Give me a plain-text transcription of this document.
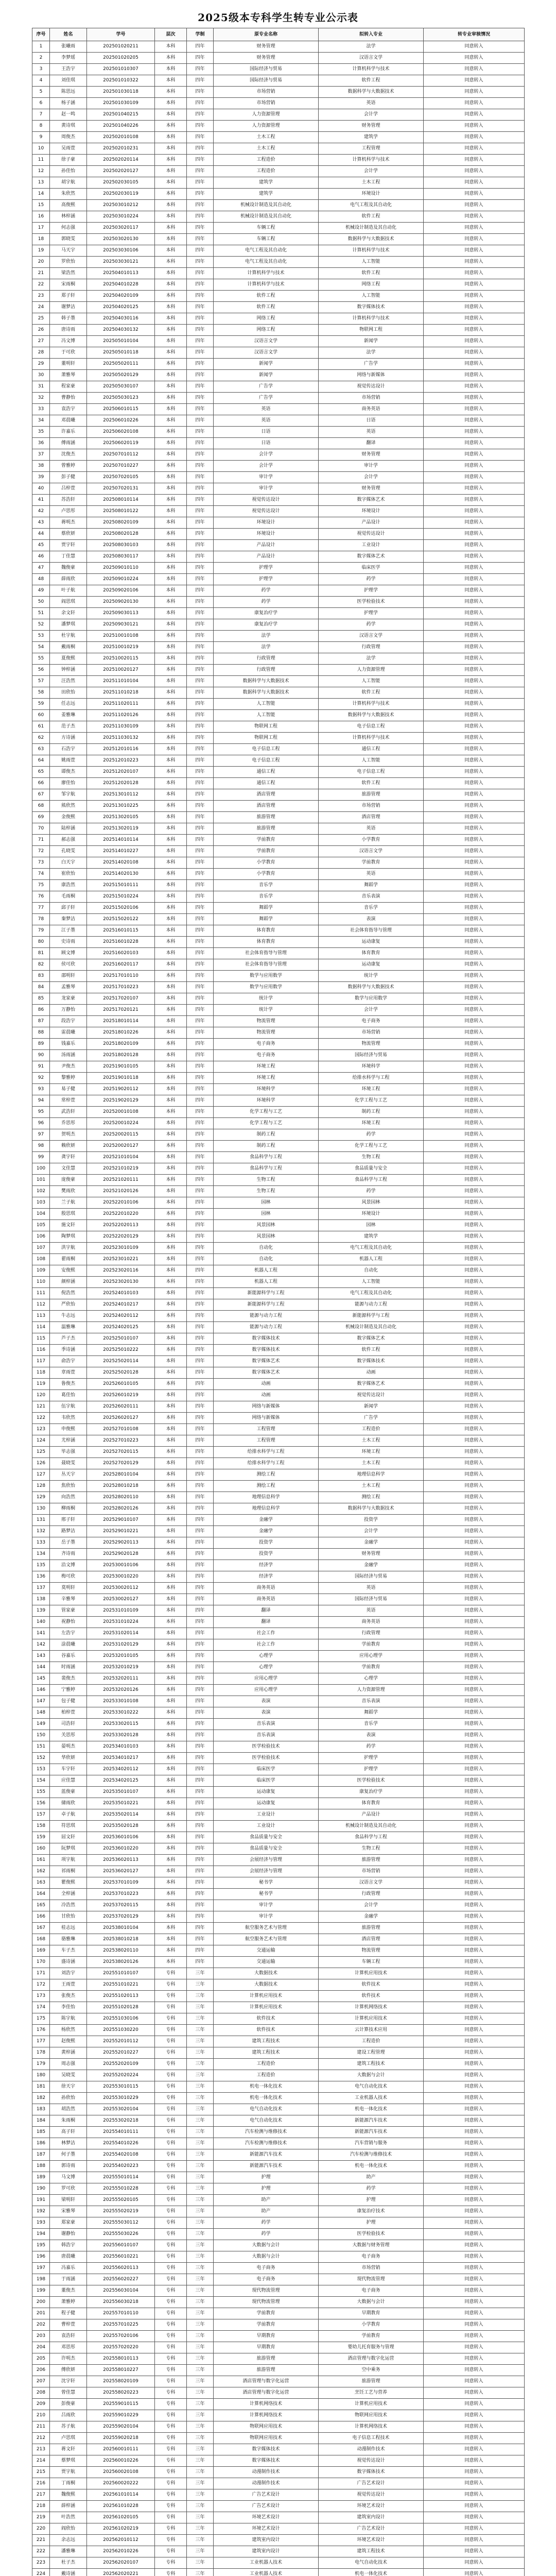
2025级本专科学生转专业公示表
序号	姓名	学号	层次	学制	原专业名称	拟转入专业	转专业审核情况
1	张曦雨	202501020211	本科	四年	财务管理	法学	同意转入
2	李梦瑶	202501020205	本科	四年	财务管理	汉语言文学	同意转入
3	王浩宇	202501010307	本科	四年	国际经济与贸易	计算机科学与技术	同意转入
4	刘佳琪	202501010322	本科	四年	国际经济与贸易	软件工程	同意转入
5	陈思远	202501030118	本科	四年	市场营销	数据科学与大数据技术	同意转入
6	杨子涵	202501030109	本科	四年	市场营销	英语	同意转入
7	赵一鸣	202501040215	本科	四年	人力资源管理	会计学	同意转入
8	黄诗琪	202501040226	本科	四年	人力资源管理	财务管理	同意转入
9	周俊杰	202502010108	本科	四年	土木工程	建筑学	同意转入
10	吴雨萱	202502010231	本科	四年	土木工程	工程管理	同意转入
11	徐子豪	202502020114	本科	四年	工程造价	计算机科学与技术	同意转入
12	孙佳怡	202502020127	本科	四年	工程造价	会计学	同意转入
13	胡宇航	202502030105	本科	四年	建筑学	土木工程	同意转入
14	朱欣然	202502030119	本科	四年	建筑学	环境设计	同意转入
15	高俊熙	202503010212	本科	四年	机械设计制造及其自动化	电气工程及其自动化	同意转入
16	林梓涵	202503010224	本科	四年	机械设计制造及其自动化	软件工程	同意转入
17	何志强	202503020117	本科	四年	车辆工程	机械设计制造及其自动化	同意转入
18	郭晓雯	202503020130	本科	四年	车辆工程	数据科学与大数据技术	同意转入
19	马天宇	202503030106	本科	四年	电气工程及其自动化	计算机科学与技术	同意转入
20	罗欣怡	202503030121	本科	四年	电气工程及其自动化	人工智能	同意转入
21	梁浩然	202504010113	本科	四年	计算机科学与技术	软件工程	同意转入
22	宋雨桐	202504010228	本科	四年	计算机科学与技术	网络工程	同意转入
23	郑子轩	202504020109	本科	四年	软件工程	人工智能	同意转入
24	谢梦洁	202504020125	本科	四年	软件工程	数字媒体技术	同意转入
25	韩子墨	202504030116	本科	四年	网络工程	计算机科学与技术	同意转入
26	唐诗雨	202504030132	本科	四年	网络工程	物联网工程	同意转入
27	冯文博	202505010104	本科	四年	汉语言文学	新闻学	同意转入
28	于可欣	202505010118	本科	四年	汉语言文学	法学	同意转入
29	董明轩	202505020111	本科	四年	新闻学	广告学	同意转入
30	萧雅琴	202505020129	本科	四年	新闻学	网络与新媒体	同意转入
31	程家豪	202505030107	本科	四年	广告学	视觉传达设计	同意转入
32	曹静怡	202505030123	本科	四年	广告学	市场营销	同意转入
33	袁浩宇	202506010115	本科	四年	英语	商务英语	同意转入
34	邓晨曦	202506010226	本科	四年	英语	日语	同意转入
35	许嘉乐	202506020108	本科	四年	日语	英语	同意转入
36	傅雨涵	202506020119	本科	四年	日语	翻译	同意转入
37	沈俊杰	202507010112	本科	四年	会计学	财务管理	同意转入
38	曾雅婷	202507010227	本科	四年	会计学	审计学	同意转入
39	彭子健	202507020105	本科	四年	审计学	会计学	同意转入
40	吕梓萱	202507020131	本科	四年	审计学	财务管理	同意转入
41	苏浩轩	202508010114	本科	四年	视觉传达设计	数字媒体艺术	同意转入
42	卢思彤	202508010122	本科	四年	视觉传达设计	环境设计	同意转入
43	蒋明杰	202508020109	本科	四年	环境设计	产品设计	同意转入
44	蔡欣妍	202508020128	本科	四年	环境设计	视觉传达设计	同意转入
45	贾宇轩	202508030103	本科	四年	产品设计	工业设计	同意转入
46	丁佳慧	202508030117	本科	四年	产品设计	数字媒体艺术	同意转入
47	魏俊豪	202509010110	本科	四年	护理学	临床医学	同意转入
48	薛雨欣	202509010224	本科	四年	护理学	药学	同意转入
49	叶子航	202509020106	本科	四年	药学	护理学	同意转入
50	阎思琪	202509020130	本科	四年	药学	医学检验技术	同意转入
51	余文轩	202509030113	本科	四年	康复治疗学	护理学	同意转入
52	潘梦琪	202509030121	本科	四年	康复治疗学	药学	同意转入
53	杜宇航	202510010108	本科	四年	法学	汉语言文学	同意转入
54	戴雨桐	202510010219	本科	四年	法学	行政管理	同意转入
55	夏俊熙	202510020115	本科	四年	行政管理	法学	同意转入
56	钟梓涵	202510020127	本科	四年	行政管理	人力资源管理	同意转入
57	汪浩然	202511010104	本科	四年	数据科学与大数据技术	人工智能	同意转入
58	田欣怡	202511010218	本科	四年	数据科学与大数据技术	软件工程	同意转入
59	任志远	202511020111	本科	四年	人工智能	计算机科学与技术	同意转入
60	姜雅琳	202511020126	本科	四年	人工智能	数据科学与大数据技术	同意转入
61	范子杰	202511030109	本科	四年	物联网工程	电子信息工程	同意转入
62	方诗涵	202511030132	本科	四年	物联网工程	计算机科学与技术	同意转入
63	石浩宇	202512010116	本科	四年	电子信息工程	通信工程	同意转入
64	姚雨萱	202512010223	本科	四年	电子信息工程	人工智能	同意转入
65	谭俊杰	202512020107	本科	四年	通信工程	电子信息工程	同意转入
66	廖佳怡	202512020128	本科	四年	通信工程	软件工程	同意转入
67	邹宇航	202513010112	本科	四年	酒店管理	旅游管理	同意转入
68	熊欣然	202513010225	本科	四年	酒店管理	市场营销	同意转入
69	金俊熙	202513020105	本科	四年	旅游管理	酒店管理	同意转入
70	陆梓涵	202513020119	本科	四年	旅游管理	英语	同意转入
71	郝志强	202514010114	本科	四年	学前教育	小学教育	同意转入
72	孔晓雯	202514010227	本科	四年	学前教育	汉语言文学	同意转入
73	白天宇	202514020108	本科	四年	小学教育	学前教育	同意转入
74	崔欣怡	202514020130	本科	四年	小学教育	英语	同意转入
75	康浩然	202515010111	本科	四年	音乐学	舞蹈学	同意转入
76	毛雨桐	202515010224	本科	四年	音乐学	音乐表演	同意转入
77	邱子轩	202515020106	本科	四年	舞蹈学	音乐学	同意转入
78	秦梦洁	202515020122	本科	四年	舞蹈学	表演	同意转入
79	江子墨	202516010115	本科	四年	体育教育	社会体育指导与管理	同意转入
80	史诗雨	202516010228	本科	四年	体育教育	运动康复	同意转入
81	顾文博	202516020103	本科	四年	社会体育指导与管理	体育教育	同意转入
82	侯可欣	202516020117	本科	四年	社会体育指导与管理	运动康复	同意转入
83	邵明轩	202517010110	本科	四年	数学与应用数学	统计学	同意转入
84	孟雅琴	202517010223	本科	四年	数学与应用数学	数据科学与大数据技术	同意转入
85	龙家豪	202517020107	本科	四年	统计学	数学与应用数学	同意转入
86	万静怡	202517020121	本科	四年	统计学	会计学	同意转入
87	段浩宇	202518010114	本科	四年	物流管理	电子商务	同意转入
88	雷晨曦	202518010226	本科	四年	物流管理	市场营销	同意转入
89	钱嘉乐	202518020109	本科	四年	电子商务	物流管理	同意转入
90	汤雨涵	202518020128	本科	四年	电子商务	国际经济与贸易	同意转入
91	尹俊杰	202519010105	本科	四年	环境工程	环境科学	同意转入
92	黎雅婷	202519010118	本科	四年	环境工程	给排水科学与工程	同意转入
93	易子健	202519020112	本科	四年	环境科学	环境工程	同意转入
94	常梓萱	202519020129	本科	四年	环境科学	化学工程与工艺	同意转入
95	武浩轩	202520010108	本科	四年	化学工程与工艺	制药工程	同意转入
96	乔思彤	202520010224	本科	四年	化学工程与工艺	环境工程	同意转入
97	贺明杰	202520020115	本科	四年	制药工程	药学	同意转入
98	赖欣妍	202520020127	本科	四年	制药工程	化学工程与工艺	同意转入
99	龚宇轩	202521010104	本科	四年	食品科学与工程	生物工程	同意转入
100	文佳慧	202521010219	本科	四年	食品科学与工程	食品质量与安全	同意转入
101	庞俊豪	202521020111	本科	四年	生物工程	食品科学与工程	同意转入
102	樊雨欣	202521020126	本科	四年	生物工程	药学	同意转入
103	兰子航	202522010106	本科	四年	园林	风景园林	同意转入
104	殷思琪	202522010220	本科	四年	园林	环境设计	同意转入
105	施文轩	202522020113	本科	四年	风景园林	园林	同意转入
106	陶梦琪	202522020129	本科	四年	风景园林	建筑学	同意转入
107	洪宇航	202523010109	本科	四年	自动化	电气工程及其自动化	同意转入
108	翟雨桐	202523010221	本科	四年	自动化	机器人工程	同意转入
109	安俊熙	202523020116	本科	四年	机器人工程	自动化	同意转入
110	颜梓涵	202523020130	本科	四年	机器人工程	人工智能	同意转入
111	倪浩然	202524010103	本科	四年	新能源科学与工程	电气工程及其自动化	同意转入
112	严欣怡	202524010217	本科	四年	新能源科学与工程	能源与动力工程	同意转入
113	牛志远	202524020112	本科	四年	能源与动力工程	新能源科学与工程	同意转入
114	温雅琳	202524020125	本科	四年	能源与动力工程	机械设计制造及其自动化	同意转入
115	芦子杰	202525010107	本科	四年	数字媒体技术	数字媒体艺术	同意转入
116	季诗涵	202525010222	本科	四年	数字媒体技术	软件工程	同意转入
117	俞浩宇	202525020114	本科	四年	数字媒体艺术	数字媒体技术	同意转入
118	章雨萱	202525020128	本科	四年	数字媒体艺术	动画	同意转入
119	鲁俊杰	202526010105	本科	四年	动画	数字媒体艺术	同意转入
120	葛佳怡	202526010219	本科	四年	动画	视觉传达设计	同意转入
121	伍宇航	202526020111	本科	四年	网络与新媒体	新闻学	同意转入
122	韦欣然	202526020127	本科	四年	网络与新媒体	广告学	同意转入
123	申俊熙	202527010108	本科	四年	工程管理	工程造价	同意转入
124	尤梓涵	202527010223	本科	四年	工程管理	土木工程	同意转入
125	毕志强	202527020115	本科	四年	给排水科学与工程	环境工程	同意转入
126	聂晓雯	202527020129	本科	四年	给排水科学与工程	土木工程	同意转入
127	丛天宇	202528010104	本科	四年	测绘工程	地理信息科学	同意转入
128	焦欣怡	202528010218	本科	四年	测绘工程	土木工程	同意转入
129	向浩然	202528020110	本科	四年	地理信息科学	测绘工程	同意转入
130	柳雨桐	202528020126	本科	四年	地理信息科学	数据科学与大数据技术	同意转入
131	邢子轩	202529010107	本科	四年	金融学	投资学	同意转入
132	路梦洁	202529010221	本科	四年	金融学	会计学	同意转入
133	岳子墨	202529020113	本科	四年	投资学	金融学	同意转入
134	齐诗雨	202529020128	本科	四年	投资学	财务管理	同意转入
135	沿文博	202530010106	本科	四年	经济学	金融学	同意转入
136	梅可欣	202530010220	本科	四年	经济学	国际经济与贸易	同意转入
137	莫明轩	202530020112	本科	四年	商务英语	英语	同意转入
138	辛雅琴	202530020127	本科	四年	商务英语	国际经济与贸易	同意转入
139	管家豪	202531010109	本科	四年	翻译	英语	同意转入
140	祝静怡	202531010224	本科	四年	翻译	商务英语	同意转入
141	左浩宇	202531020114	本科	四年	社会工作	行政管理	同意转入
142	涂晨曦	202531020129	本科	四年	社会工作	学前教育	同意转入
143	谷嘉乐	202532010105	本科	四年	心理学	应用心理学	同意转入
144	时雨涵	202532010219	本科	四年	心理学	学前教育	同意转入
145	裴俊杰	202532020111	本科	四年	应用心理学	心理学	同意转入
146	宁雅婷	202532020126	本科	四年	应用心理学	人力资源管理	同意转入
147	包子健	202533010108	本科	四年	表演	音乐表演	同意转入
148	柏梓萱	202533010222	本科	四年	表演	舞蹈学	同意转入
149	司浩轩	202533020115	本科	四年	音乐表演	音乐学	同意转入
150	关思彤	202533020128	本科	四年	音乐表演	表演	同意转入
151	晏明杰	202534010103	本科	四年	医学检验技术	药学	同意转入
152	华欣妍	202534010217	本科	四年	医学检验技术	护理学	同意转入
153	车宇轩	202534020112	本科	四年	临床医学	护理学	同意转入
154	应佳慧	202534020125	本科	四年	临床医学	医学检验技术	同意转入
155	蓝俊豪	202535010107	本科	四年	运动康复	康复治疗学	同意转入
156	储雨欣	202535010221	本科	四年	运动康复	体育教育	同意转入
157	卓子航	202535020114	本科	四年	工业设计	产品设计	同意转入
158	符思琪	202535020128	本科	四年	工业设计	机械设计制造及其自动化	同意转入
159	屈文轩	202536010106	本科	四年	食品质量与安全	食品科学与工程	同意转入
160	阮梦琪	202536010220	本科	四年	食品质量与安全	生物工程	同意转入
161	项宇航	202536020113	本科	四年	会展经济与管理	旅游管理	同意转入
162	祁雨桐	202536020127	本科	四年	会展经济与管理	市场营销	同意转入
163	瞿俊熙	202537010109	本科	四年	秘书学	汉语言文学	同意转入
164	全梓涵	202537010223	本科	四年	秘书学	行政管理	同意转入
165	冷浩然	202537020115	本科	四年	审计学	会计学	同意转入
166	甘欣怡	202537020129	本科	四年	审计学	金融学	同意转入
167	桂志远	202538010104	本科	四年	航空服务艺术与管理	旅游管理	同意转入
168	骆雅琳	202538010218	本科	四年	航空服务艺术与管理	酒店管理	同意转入
169	车子杰	202538020110	本科	四年	交通运输	物流管理	同意转入
170	盛诗涵	202538020126	本科	四年	交通运输	车辆工程	同意转入
171	刘浩宇	202551010107	专科	三年	大数据技术	计算机应用技术	同意转入
172	王雨萱	202551010221	专科	三年	大数据技术	软件技术	同意转入
173	张俊杰	202551020113	专科	三年	计算机应用技术	软件技术	同意转入
174	李佳怡	202551020128	专科	三年	计算机应用技术	计算机网络技术	同意转入
175	陈宇航	202551030106	专科	三年	软件技术	计算机应用技术	同意转入
176	杨欣然	202551030220	专科	三年	软件技术	云计算技术应用	同意转入
177	赵俊熙	202552010112	专科	三年	建筑工程技术	工程造价	同意转入
178	黄梓涵	202552010227	专科	三年	建筑工程技术	建设工程管理	同意转入
179	周志强	202552020109	专科	三年	工程造价	建筑工程技术	同意转入
180	吴晓雯	202552020224	专科	三年	工程造价	大数据与会计	同意转入
181	徐天宇	202553010115	专科	三年	机电一体化技术	电气自动化技术	同意转入
182	孙欣怡	202553010229	专科	三年	机电一体化技术	工业机器人技术	同意转入
183	胡浩然	202553020104	专科	三年	电气自动化技术	机电一体化技术	同意转入
184	朱雨桐	202553020218	专科	三年	电气自动化技术	新能源汽车技术	同意转入
185	高子轩	202554010111	专科	三年	汽车检测与维修技术	新能源汽车技术	同意转入
186	林梦洁	202554010226	专科	三年	汽车检测与维修技术	汽车营销与服务	同意转入
187	何子墨	202554020108	专科	三年	新能源汽车技术	汽车检测与维修技术	同意转入
188	郭诗雨	202554020223	专科	三年	新能源汽车技术	机电一体化技术	同意转入
189	马文博	202555010114	专科	三年	护理	助产	同意转入
190	罗可欣	202555010228	专科	三年	护理	药学	同意转入
191	梁明轩	202555020105	专科	三年	助产	护理	同意转入
192	宋雅琴	202555020219	专科	三年	助产	康复治疗技术	同意转入
193	郑家豪	202555030112	专科	三年	药学	护理	同意转入
194	谢静怡	202555030226	专科	三年	药学	医学检验技术	同意转入
195	韩浩宇	202556010107	专科	三年	大数据与会计	大数据与财务管理	同意转入
196	唐晨曦	202556010221	专科	三年	大数据与会计	电子商务	同意转入
197	冯嘉乐	202556020113	专科	三年	电子商务	市场营销	同意转入
198	于雨涵	202556020227	专科	三年	电子商务	现代物流管理	同意转入
199	董俊杰	202556030104	专科	三年	现代物流管理	电子商务	同意转入
200	萧雅婷	202556030218	专科	三年	现代物流管理	大数据与会计	同意转入
201	程子健	202557010110	专科	三年	学前教育	早期教育	同意转入
202	曹梓萱	202557010225	专科	三年	学前教育	小学教育	同意转入
203	袁浩轩	202557020106	专科	三年	早期教育	学前教育	同意转入
204	邓思彤	202557020220	专科	三年	早期教育	婴幼儿托育服务与管理	同意转入
205	许明杰	202558010113	专科	三年	旅游管理	酒店管理与数字化运营	同意转入
206	傅欣妍	202558010227	专科	三年	旅游管理	空中乘务	同意转入
207	沈宇轩	202558020109	专科	三年	酒店管理与数字化运营	旅游管理	同意转入
208	曾佳慧	202558020223	专科	三年	酒店管理与数字化运营	烹饪工艺与营养	同意转入
209	彭俊豪	202559010115	专科	三年	计算机网络技术	计算机应用技术	同意转入
210	吕雨欣	202559010229	专科	三年	计算机网络技术	物联网应用技术	同意转入
211	苏子航	202559020104	专科	三年	物联网应用技术	计算机网络技术	同意转入
212	卢思琪	202559020218	专科	三年	物联网应用技术	电子信息工程技术	同意转入
213	蒋文轩	202560010111	专科	三年	数字媒体技术	动漫制作技术	同意转入
214	蔡梦琪	202560010226	专科	三年	数字媒体技术	视觉传达设计	同意转入
215	贾宇航	202560020108	专科	三年	动漫制作技术	数字媒体技术	同意转入
216	丁雨桐	202560020222	专科	三年	动漫制作技术	广告艺术设计	同意转入
217	魏俊熙	202561010114	专科	三年	广告艺术设计	视觉传达设计	同意转入
218	薛梓涵	202561010228	专科	三年	广告艺术设计	环境艺术设计	同意转入
219	叶浩然	202561020105	专科	三年	环境艺术设计	建筑室内设计	同意转入
220	阎欣怡	202561020219	专科	三年	环境艺术设计	广告艺术设计	同意转入
221	余志远	202562010112	专科	三年	建筑室内设计	环境艺术设计	同意转入
222	潘雅琳	202562010226	专科	三年	建筑室内设计	建筑工程技术	同意转入
223	杜子杰	202562020107	专科	三年	工业机器人技术	电气自动化技术	同意转入
224	戴诗涵	202562020221	专科	三年	工业机器人技术	机电一体化技术	同意转入
